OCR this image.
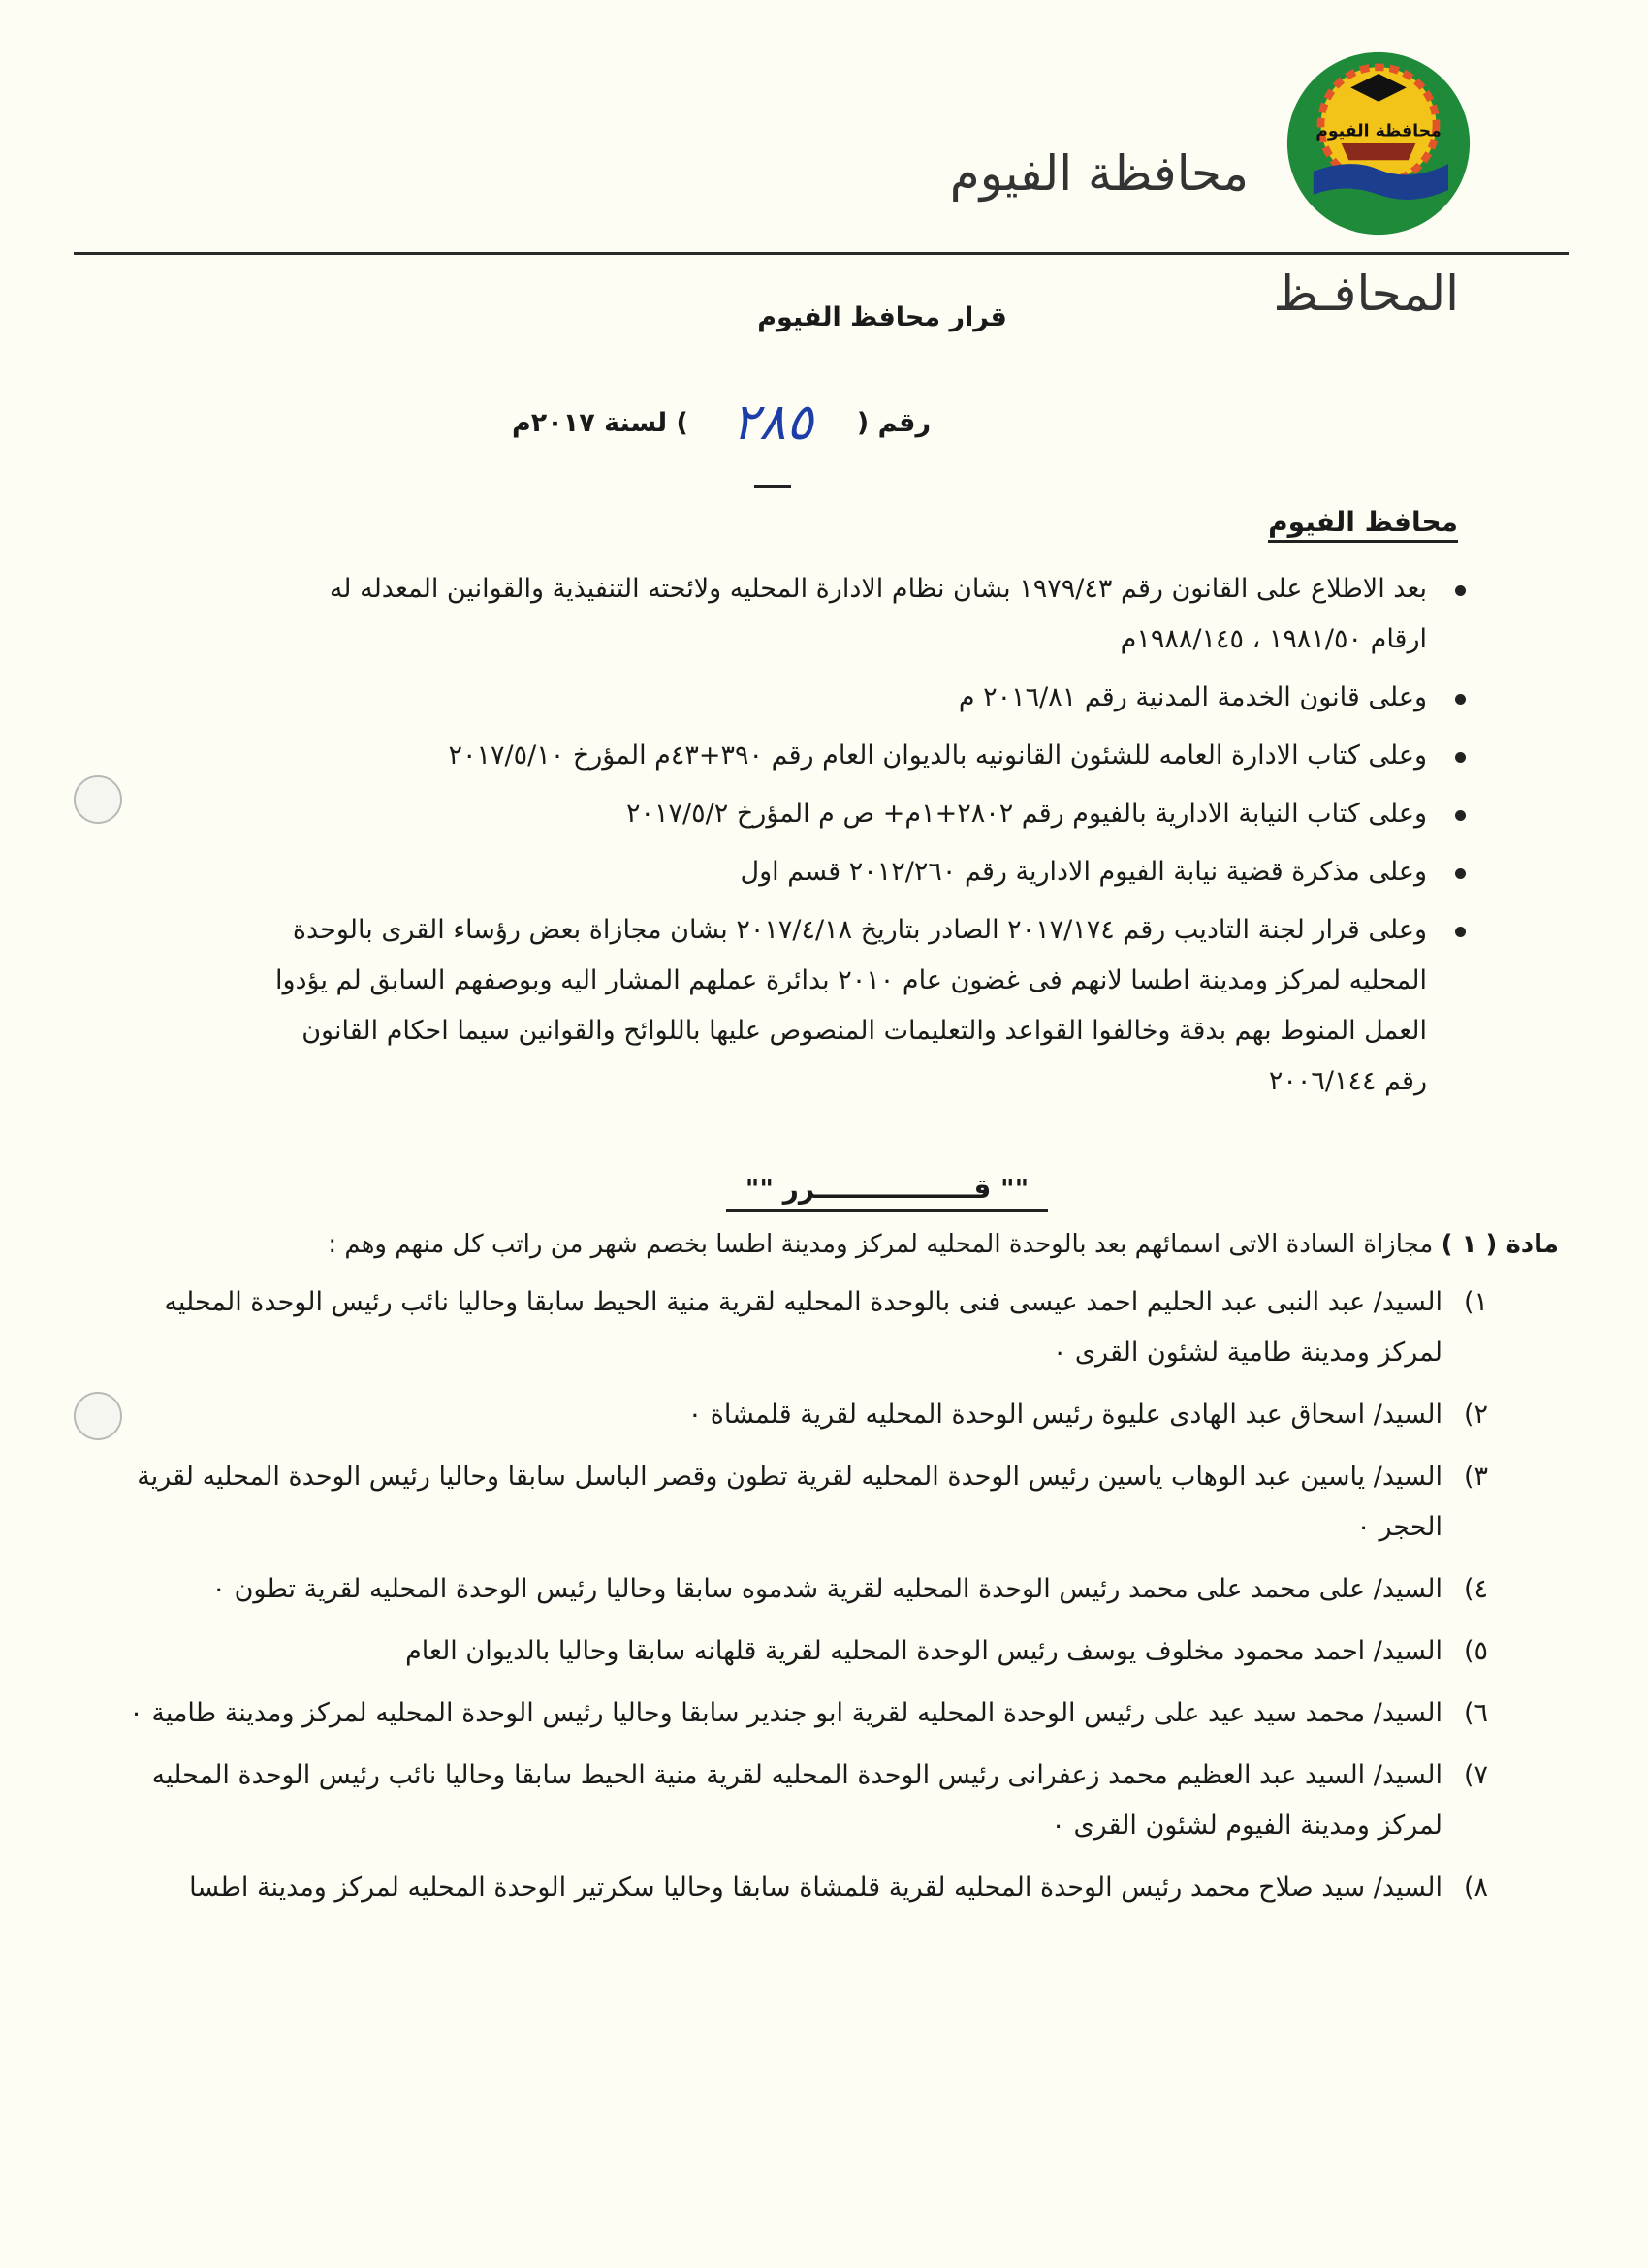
محافظة الفيوم
محافظة الفيوم
المحافـظ
قرار محافظ الفيوم
رقم (
٢٨٥
) لسنة ٢٠١٧م
محافظ الفيوم
بعد الاطلاع على القانون رقم ١٩٧٩/٤٣ بشان نظام الادارة المحليه ولائحته التنفيذية والقوانين المعدله له ارقام ١٩٨١/٥٠ ، ١٩٨٨/١٤٥م
وعلى قانون الخدمة المدنية رقم ٢٠١٦/٨١ م
وعلى كتاب الادارة العامه للشئون القانونيه بالديوان العام رقم ٣٩٠+٤٣م المؤرخ ٢٠١٧/٥/١٠
وعلى كتاب النيابة الادارية بالفيوم رقم ٢٨٠٢+١م+ ص م المؤرخ ٢٠١٧/٥/٢
وعلى مذكرة قضية نيابة الفيوم الادارية رقم ٢٠١٢/٢٦٠ قسم اول
وعلى قرار لجنة التاديب رقم ٢٠١٧/١٧٤ الصادر بتاريخ ٢٠١٧/٤/١٨ بشان مجازاة بعض رؤساء القرى بالوحدة المحليه لمركز ومدينة اطسا لانهم فى غضون عام ٢٠١٠ بدائرة عملهم المشار اليه وبوصفهم السابق لم يؤدوا العمل المنوط بهم بدقة وخالفوا القواعد والتعليمات المنصوص عليها باللوائح والقوانين سيما احكام القانون رقم ٢٠٠٦/١٤٤
"" قـــــــــــــــــرر ""
مادة ( ١ ) مجازاة السادة الاتى اسمائهم بعد بالوحدة المحليه لمركز ومدينة اطسا بخصم شهر من راتب كل منهم وهم :
١)
السيد/ عبد النبى عبد الحليم احمد عيسى فنى بالوحدة المحليه لقرية منية الحيط سابقا وحاليا نائب رئيس الوحدة المحليه لمركز ومدينة طامية لشئون القرى ٠
٢)
السيد/ اسحاق عبد الهادى عليوة رئيس الوحدة المحليه لقرية قلمشاة ٠
٣)
السيد/ ياسين عبد الوهاب ياسين رئيس الوحدة المحليه لقرية تطون وقصر الباسل سابقا وحاليا رئيس الوحدة المحليه لقرية الحجر ٠
٤)
السيد/ على محمد على محمد رئيس الوحدة المحليه لقرية شدموه سابقا وحاليا رئيس الوحدة المحليه لقرية تطون ٠
٥)
السيد/ احمد محمود مخلوف يوسف رئيس الوحدة المحليه لقرية قلهانه سابقا وحاليا بالديوان العام
٦)
السيد/ محمد سيد عيد على رئيس الوحدة المحليه لقرية ابو جندير سابقا وحاليا رئيس الوحدة المحليه لمركز ومدينة طامية ٠
٧)
السيد/ السيد عبد العظيم محمد زعفرانى رئيس الوحدة المحليه لقرية منية الحيط سابقا وحاليا نائب رئيس الوحدة المحليه لمركز ومدينة الفيوم لشئون القرى ٠
٨)
السيد/ سيد صلاح محمد رئيس الوحدة المحليه لقرية قلمشاة سابقا وحاليا سكرتير الوحدة المحليه لمركز ومدينة اطسا
